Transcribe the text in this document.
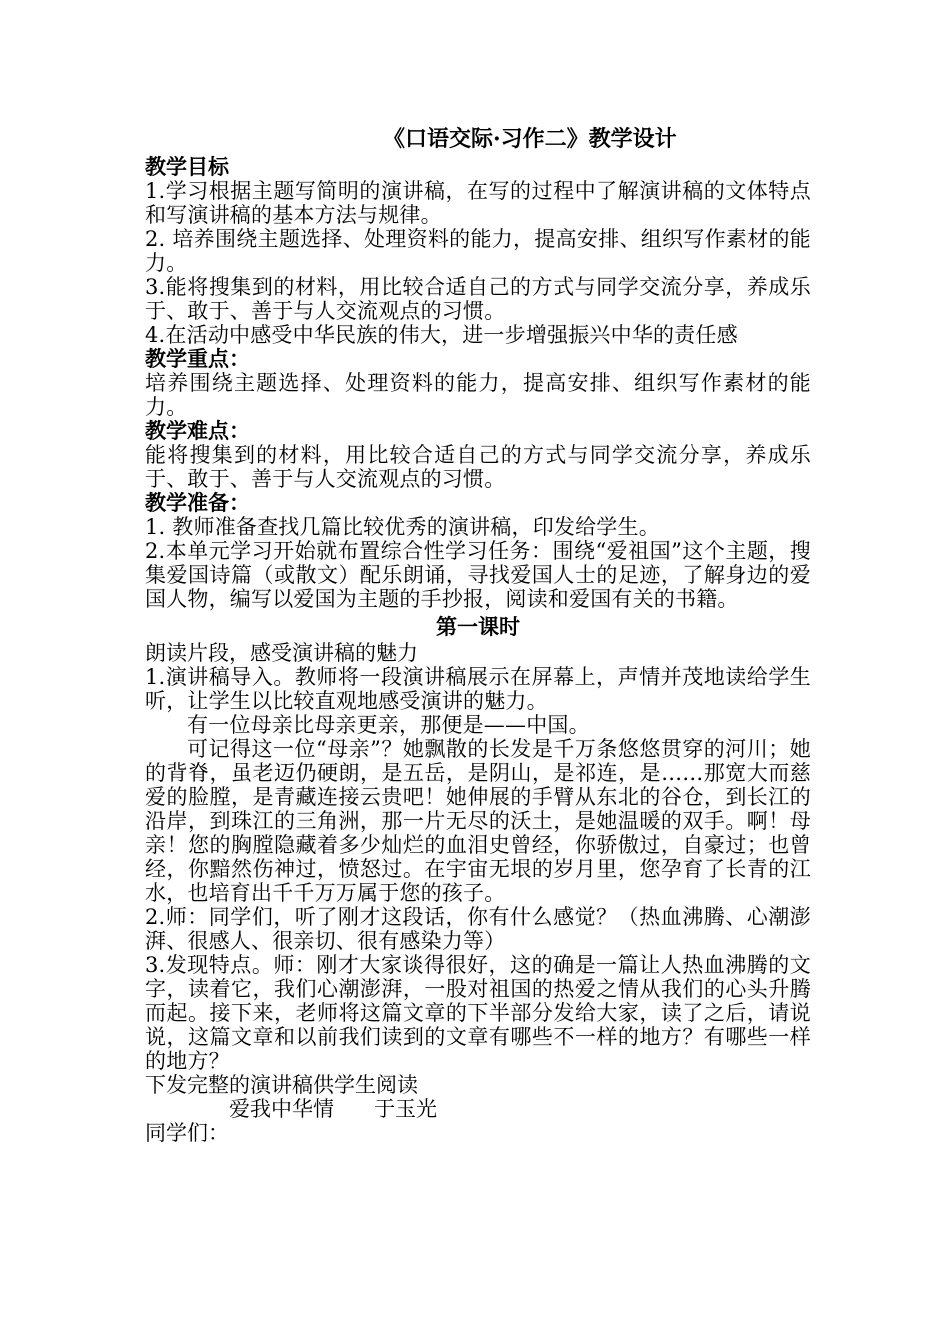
《口语交际·习作二》教学设计
教学目标

1.学习根据主题写简明的演讲稿，在写的过程中了解演讲稿的文体特点和写演讲稿的基本方法与规律。

2. 培养围绕主题选择、处理资料的能力，提高安排、组织写作素材的能力。

3.能将搜集到的材料，用比较合适自己的方式与同学交流分享，养成乐于、敢于、善于与人交流观点的习惯。

4.在活动中感受中华民族的伟大，进一步增强振兴中华的责任感

教学重点：

培养围绕主题选择、处理资料的能力，提高安排、组织写作素材的能力。

教学难点：

能将搜集到的材料，用比较合适自己的方式与同学交流分享，养成乐于、敢于、善于与人交流观点的习惯。

教学准备：

1. 教师准备查找几篇比较优秀的演讲稿，印发给学生。

2.本单元学习开始就布置综合性学习任务：围绕“爱祖国”这个主题，搜集爱国诗篇（或散文）配乐朗诵，寻找爱国人士的足迹，了解身边的爱国人物，编写以爱国为主题的手抄报，阅读和爱国有关的书籍。

第一课时

朗读片段，感受演讲稿的魅力

1.演讲稿导入。教师将一段演讲稿展示在屏幕上，声情并茂地读给学生听，让学生以比较直观地感受演讲的魅力。

有一位母亲比母亲更亲，那便是——中国。

可记得这一位“母亲”？她飘散的长发是千万条悠悠贯穿的河川；她的背脊，虽老迈仍硬朗，是五岳，是阴山，是祁连，是……那宽大而慈爱的脸膛，是青藏连接云贵吧！她伸展的手臂从东北的谷仓，到长江的沿岸，到珠江的三角洲，那一片无尽的沃土，是她温暖的双手。啊！母亲！您的胸膛隐藏着多少灿烂的血泪史曾经，你骄傲过，自豪过；也曾经，你黯然伤神过，愤怒过。在宇宙无垠的岁月里，您孕育了长青的江水，也培育出千千万万属于您的孩子。

2.师：同学们，听了刚才这段话，你有什么感觉？（热血沸腾、心潮澎湃、很感人、很亲切、很有感染力等）

3.发现特点。师：刚才大家谈得很好，这的确是一篇让人热血沸腾的文字，读着它，我们心潮澎湃，一股对祖国的热爱之情从我们的心头升腾而起。接下来，老师将这篇文章的下半部分发给大家，读了之后，请说说，这篇文章和以前我们读到的文章有哪些不一样的地方？有哪些一样的地方？

下发完整的演讲稿供学生阅读

爱我中华情 于玉光

同学们：
